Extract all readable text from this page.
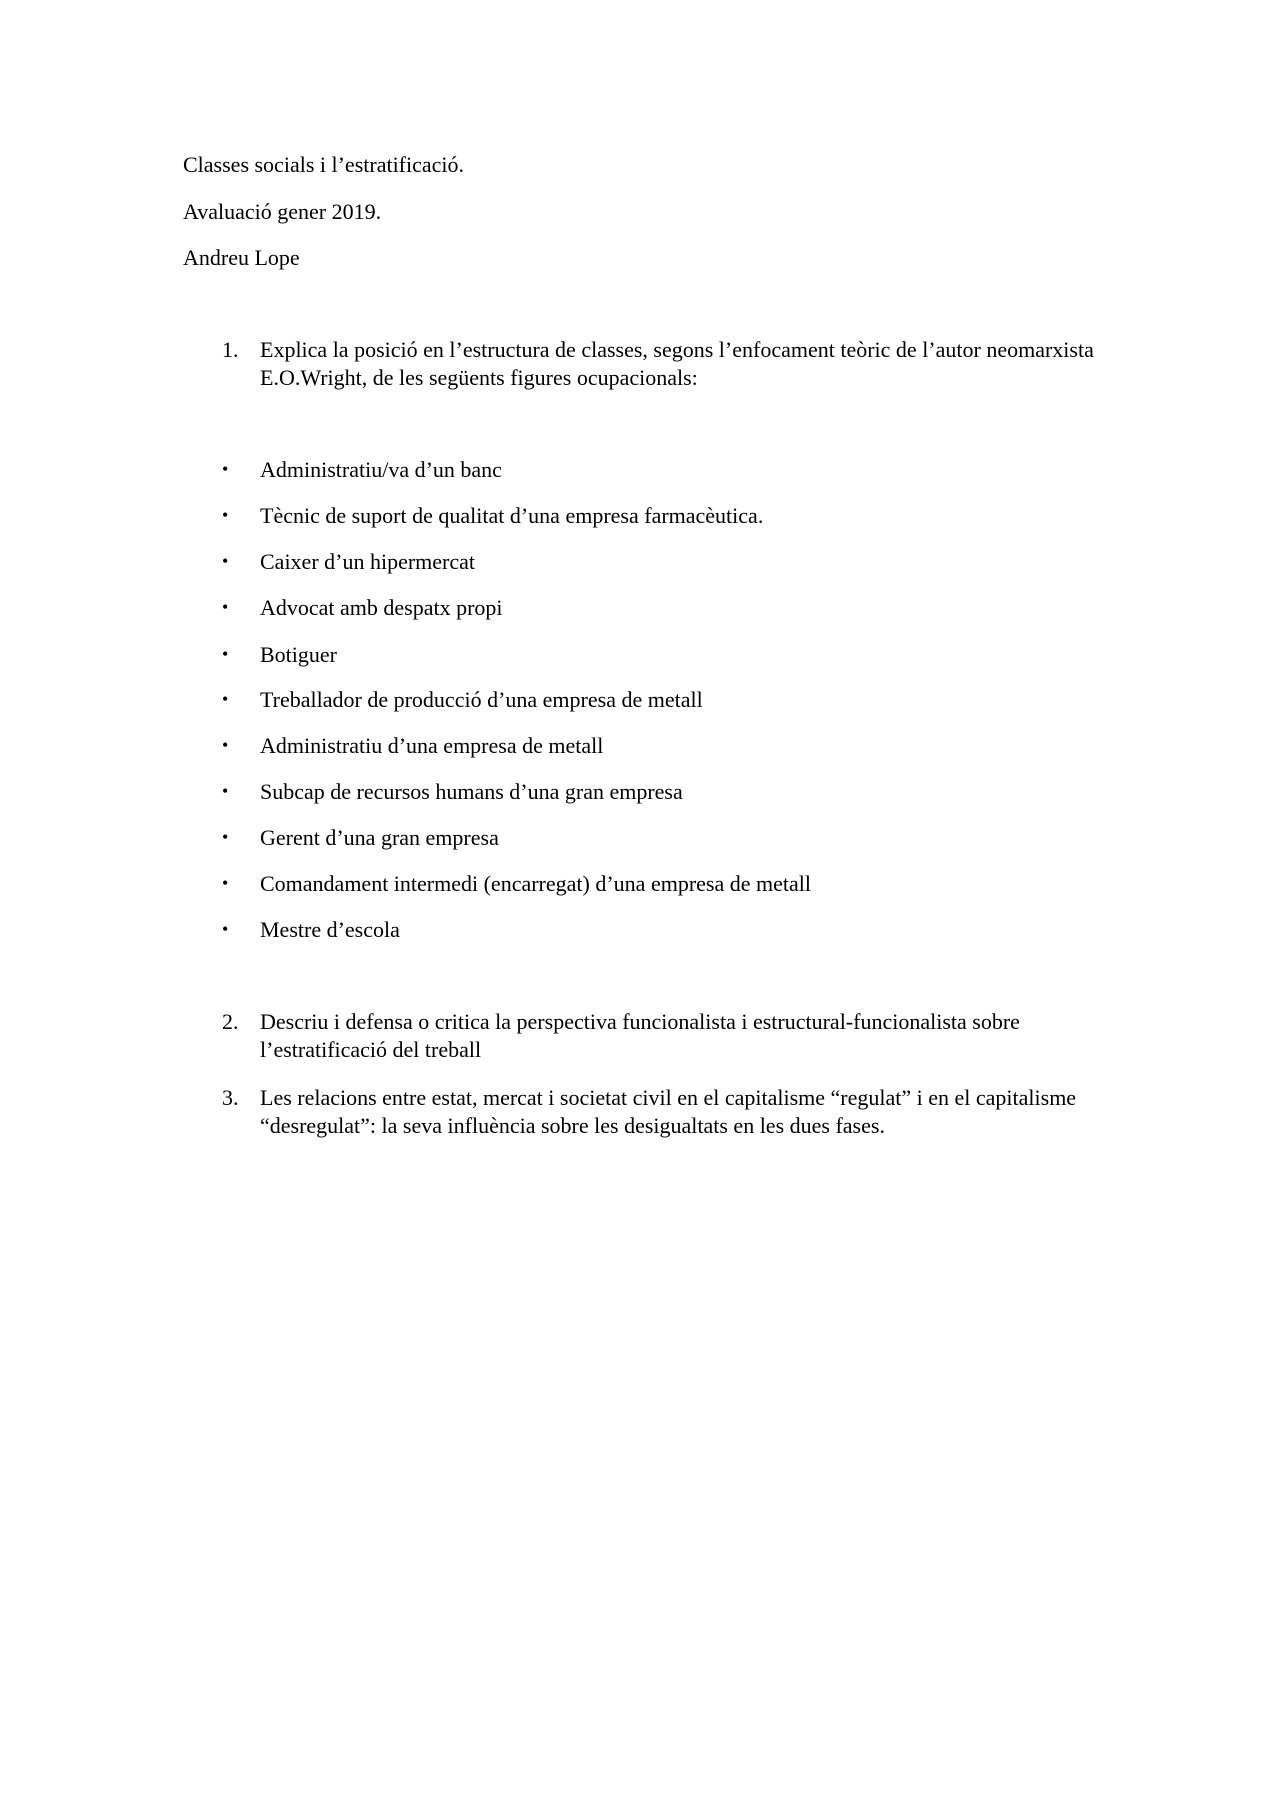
Classes socials i l’estratificació.
Avaluació gener 2019.
Andreu Lope
1. Explica la posició en l’estructura de classes, segons l’enfocament teòric de l’autor neomarxista E.O.Wright, de les següents figures ocupacionals:
• Administratiu/va d’un banc
• Tècnic de suport de qualitat d’una empresa farmacèutica.
• Caixer d’un hipermercat
• Advocat amb despatx propi
• Botiguer
• Treballador de producció d’una empresa de metall
• Administratiu d’una empresa de metall
• Subcap de recursos humans d’una gran empresa
• Gerent d’una gran empresa
• Comandament intermedi (encarregat) d’una empresa de metall
• Mestre d’escola
2. Descriu i defensa o critica la perspectiva funcionalista i estructural-funcionalista sobre l’estratificació del treball
3. Les relacions entre estat, mercat i societat civil en el capitalisme “regulat” i en el capitalisme “desregulat”: la seva influència sobre les desigualtats en les dues fases.
